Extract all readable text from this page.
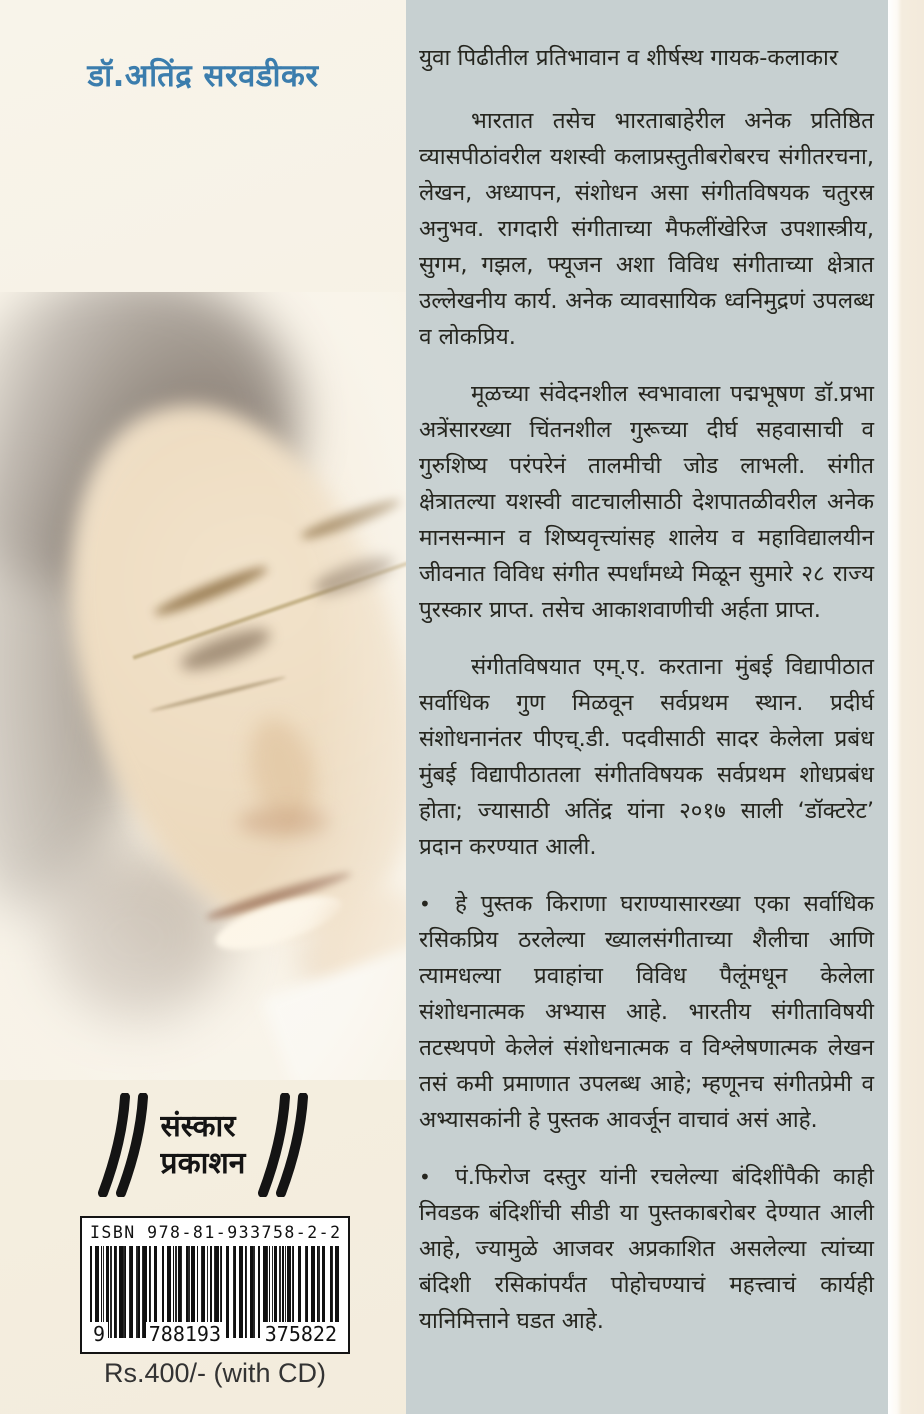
डॉ.अतिंद्र सरवडीकर
संस्कार
प्रकाशन
ISBN 978-81-933758-2-2
9 788193 375822
Rs.400/- (with CD)

युवा पिढीतील प्रतिभावान व शीर्षस्थ गायक-कलाकार

भारतात तसेच भारताबाहेरील अनेक प्रतिष्ठित व्यासपीठांवरील यशस्वी कलाप्रस्तुतीबरोबरच संगीतरचना, लेखन, अध्यापन, संशोधन असा संगीतविषयक चतुरस्र अनुभव. रागदारी संगीताच्या मैफलींखेरिज उपशास्त्रीय, सुगम, गझल, फ्यूजन अशा विविध संगीताच्या क्षेत्रात उल्लेखनीय कार्य. अनेक व्यावसायिक ध्वनिमुद्रणं उपलब्ध व लोकप्रिय.

मूळच्या संवेदनशील स्वभावाला पद्मभूषण डॉ.प्रभा अत्रेंसारख्या चिंतनशील गुरूच्या दीर्घ सहवासाची व गुरुशिष्य परंपरेनं तालमीची जोड लाभली. संगीत क्षेत्रातल्या यशस्वी वाटचालीसाठी देशपातळीवरील अनेक मानसन्मान व शिष्यवृत्त्यांसह शालेय व महाविद्यालयीन जीवनात विविध संगीत स्पर्धांमध्ये मिळून सुमारे २८ राज्य पुरस्कार प्राप्त. तसेच आकाशवाणीची अर्हता प्राप्त.

संगीतविषयात एम्.ए. करताना मुंबई विद्यापीठात सर्वाधिक गुण मिळवून सर्वप्रथम स्थान. प्रदीर्घ संशोधनानंतर पीएच्.डी. पदवीसाठी सादर केलेला प्रबंध मुंबई विद्यापीठातला संगीतविषयक सर्वप्रथम शोधप्रबंध होता; ज्यासाठी अतिंद्र यांना २०१७ साली ‘डॉक्टरेट’ प्रदान करण्यात आली.

• हे पुस्तक किराणा घराण्यासारख्या एका सर्वाधिक रसिकप्रिय ठरलेल्या ख्यालसंगीताच्या शैलीचा आणि त्यामधल्या प्रवाहांचा विविध पैलूंमधून केलेला संशोधनात्मक अभ्यास आहे. भारतीय संगीताविषयी तटस्थपणे केलेलं संशोधनात्मक व विश्लेषणात्मक लेखन तसं कमी प्रमाणात उपलब्ध आहे; म्हणूनच संगीतप्रेमी व अभ्यासकांनी हे पुस्तक आवर्जून वाचावं असं आहे.

• पं.फिरोज दस्तुर यांनी रचलेल्या बंदिशींपैकी काही निवडक बंदिशींची सीडी या पुस्तकाबरोबर देण्यात आली आहे, ज्यामुळे आजवर अप्रकाशित असलेल्या त्यांच्या बंदिशी रसिकांपर्यंत पोहोचण्याचं महत्त्वाचं कार्यही यानिमित्ताने घडत आहे.
